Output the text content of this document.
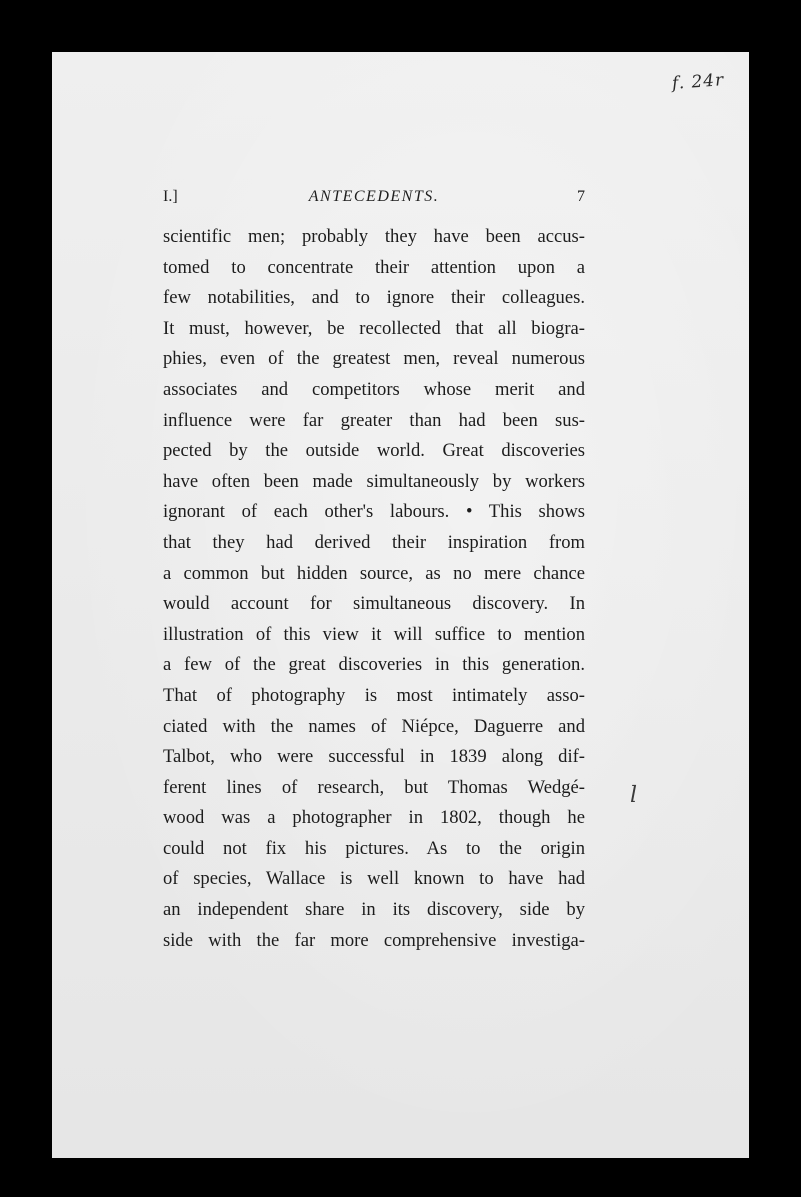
f. 24r
l
I.]	ANTECEDENTS.	7
scientific men; probably they have been accus-
tomed to concentrate their attention upon a
few notabilities, and to ignore their colleagues.
It must, however, be recollected that all biogra-
phies, even of the greatest men, reveal numerous
associates and competitors whose merit and
influence were far greater than had been sus-
pected by the outside world. Great discoveries
have often been made simultaneously by workers
ignorant of each other's labours. • This shows
that they had derived their inspiration from
a common but hidden source, as no mere chance
would account for simultaneous discovery. In
illustration of this view it will suffice to mention
a few of the great discoveries in this generation.
That of photography is most intimately asso-
ciated with the names of Niépce, Daguerre and
Talbot, who were successful in 1839 along dif-
ferent lines of research, but Thomas Wedgé-
wood was a photographer in 1802, though he
could not fix his pictures. As to the origin
of species, Wallace is well known to have had
an independent share in its discovery, side by
side with the far more comprehensive investiga-
